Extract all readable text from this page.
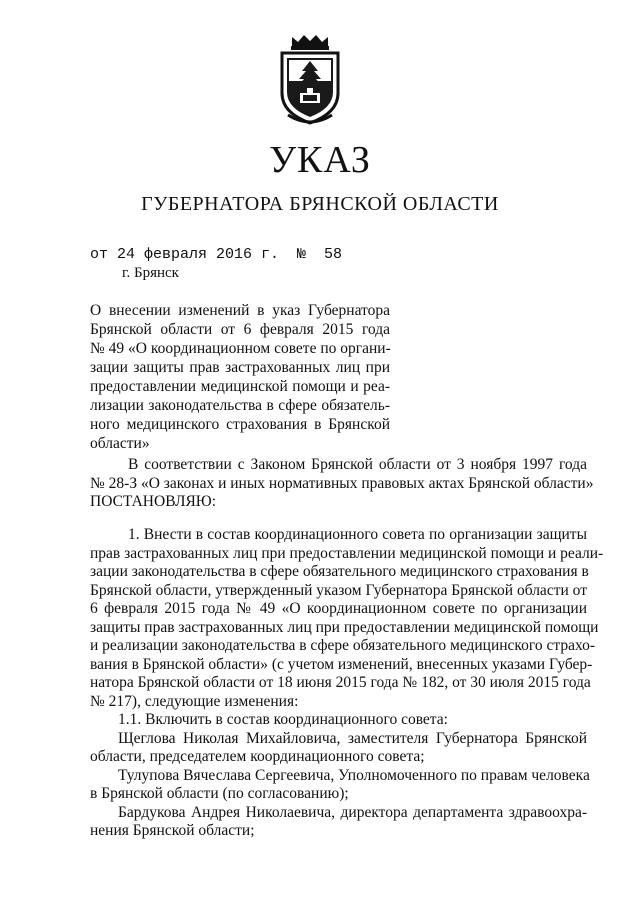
УКАЗ
ГУБЕРНАТОРА БРЯНСКОЙ ОБЛАСТИ
от 24 февраля 2016 г.  №  58
г. Брянск
О внесении изменений в указ Губернатора
Брянской области от 6 февраля 2015 года
№ 49 «О координационном совете по органи-
зации защиты прав застрахованных лиц при
предоставлении медицинской помощи и реа-
лизации законодательства в сфере обязатель-
ного медицинского страхования в Брянской
области»
В соответствии с Законом Брянской области от 3 ноября 1997 года
№ 28-З «О законах и иных нормативных правовых актах Брянской области»
ПОСТАНОВЛЯЮ:
1. Внести в состав координационного совета по организации защиты
прав застрахованных лиц при предоставлении медицинской помощи и реали-
зации законодательства в сфере обязательного медицинского страхования в
Брянской области, утвержденный указом Губернатора Брянской области от
6 февраля 2015 года № 49 «О координационном совете по организации
защиты прав застрахованных лиц при предоставлении медицинской помощи
и реализации законодательства в сфере обязательного медицинского страхо-
вания в Брянской области» (с учетом изменений, внесенных указами Губер-
натора Брянской области от 18 июня 2015 года № 182, от 30 июля 2015 года
№ 217), следующие изменения:
1.1. Включить в состав координационного совета:
Щеглова Николая Михайловича, заместителя Губернатора Брянской
области, председателем координационного совета;
Тулупова Вячеслава Сергеевича, Уполномоченного по правам человека
в Брянской области (по согласованию);
Бардукова Андрея Николаевича, директора департамента здравоохра-
нения Брянской области;
